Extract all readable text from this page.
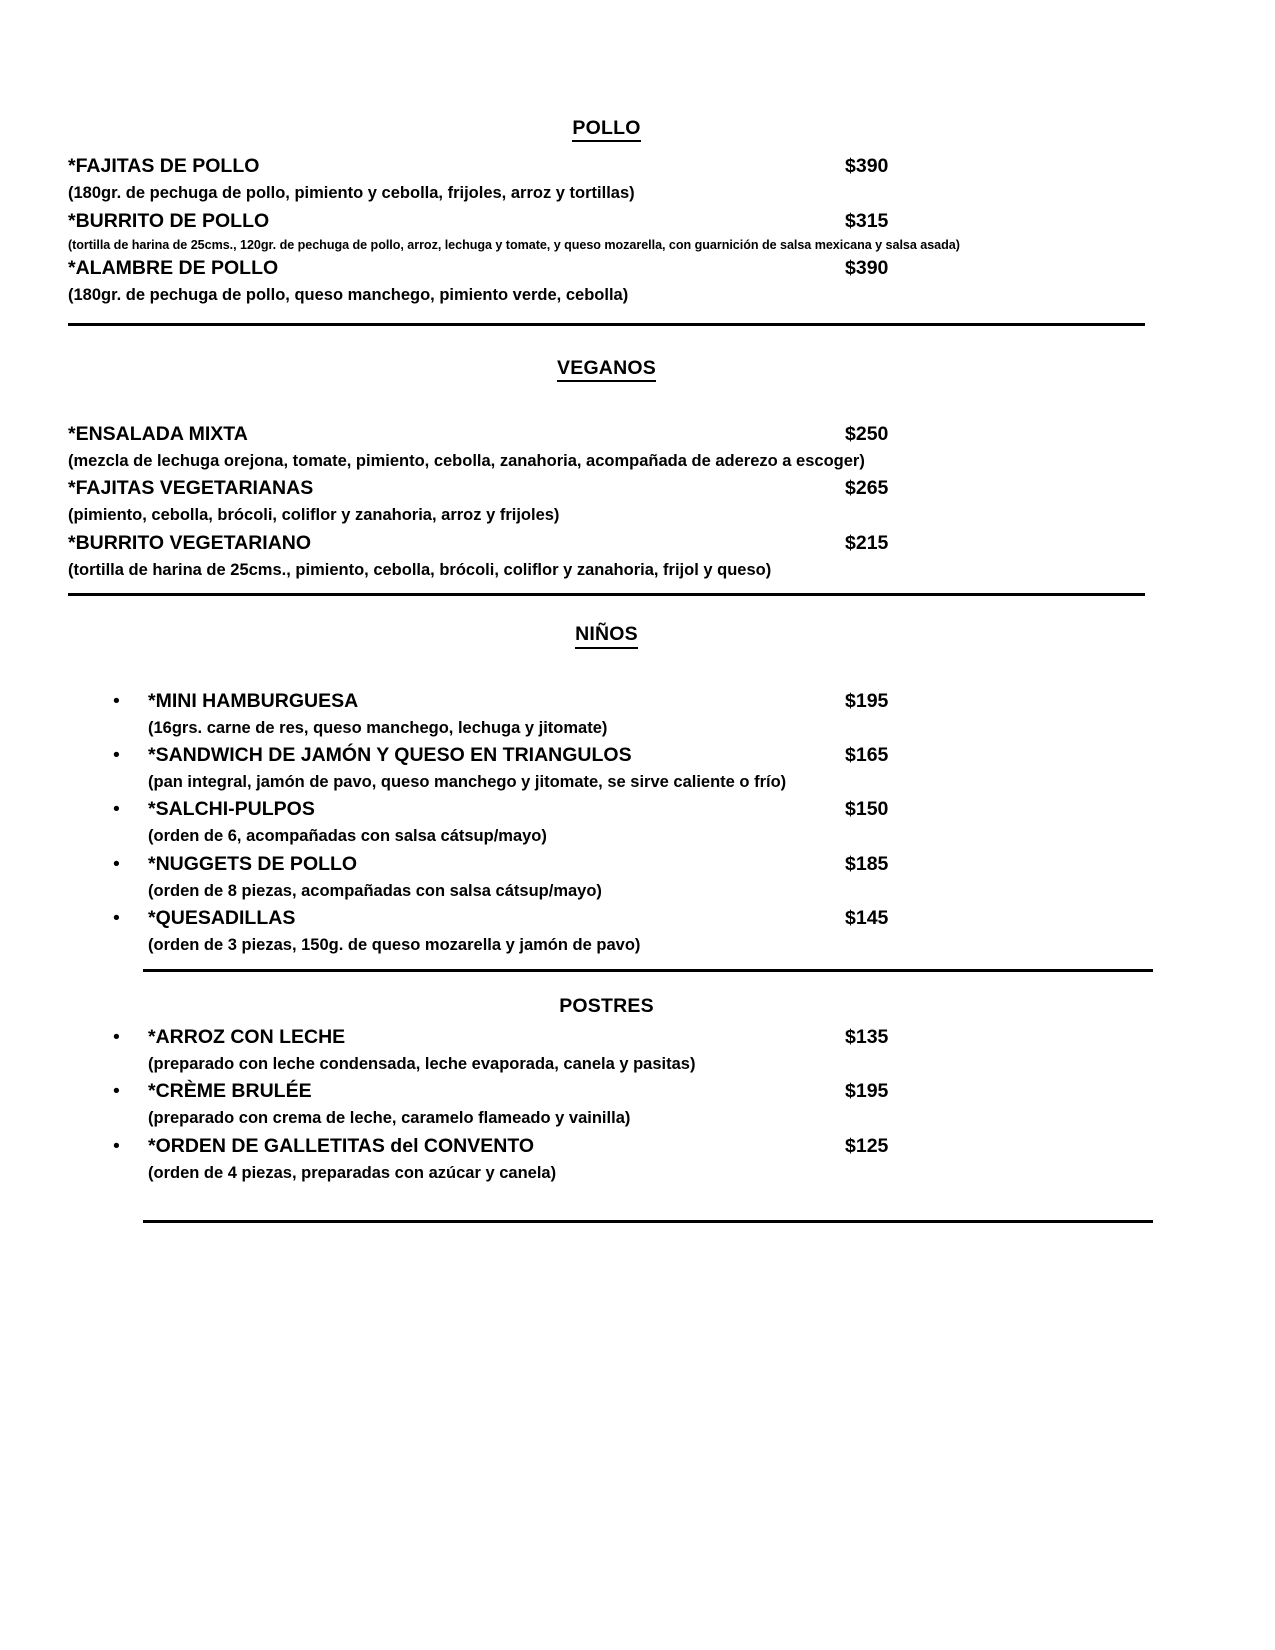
POLLO
*FAJITAS DE POLLO	$390
(180gr. de pechuga de pollo, pimiento y cebolla, frijoles, arroz y tortillas)
*BURRITO DE POLLO	$315
(tortilla de harina de 25cms., 120gr. de pechuga de pollo, arroz, lechuga y tomate, y queso mozarella, con guarnición de salsa mexicana y salsa asada)
*ALAMBRE DE POLLO	$390
(180gr. de pechuga de pollo, queso manchego, pimiento verde, cebolla)
VEGANOS
*ENSALADA MIXTA	$250
(mezcla de lechuga orejona, tomate, pimiento, cebolla, zanahoria, acompañada de aderezo a escoger)
*FAJITAS VEGETARIANAS	$265
(pimiento, cebolla, brócoli, coliflor y zanahoria, arroz y frijoles)
*BURRITO VEGETARIANO	$215
(tortilla de harina de 25cms., pimiento, cebolla, brócoli, coliflor y zanahoria, frijol y queso)
NIÑOS
• *MINI HAMBURGUESA	$195
(16grs. carne de res, queso manchego, lechuga y jitomate)
• *SANDWICH DE JAMÓN Y QUESO EN TRIANGULOS	$165
(pan integral, jamón de pavo, queso manchego y jitomate, se sirve caliente o frío)
• *SALCHI-PULPOS	$150
(orden de 6, acompañadas con salsa cátsup/mayo)
• *NUGGETS DE POLLO	$185
(orden de 8 piezas, acompañadas con salsa cátsup/mayo)
• *QUESADILLAS	$145
(orden de 3 piezas, 150g. de queso mozarella y jamón de pavo)
POSTRES
• *ARROZ CON LECHE	$135
(preparado con leche condensada, leche evaporada, canela y pasitas)
• *CRÈME BRULÉE	$195
(preparado con crema de leche, caramelo flameado y vainilla)
• *ORDEN DE GALLETITAS del CONVENTO	$125
(orden de 4 piezas, preparadas con azúcar y canela)
